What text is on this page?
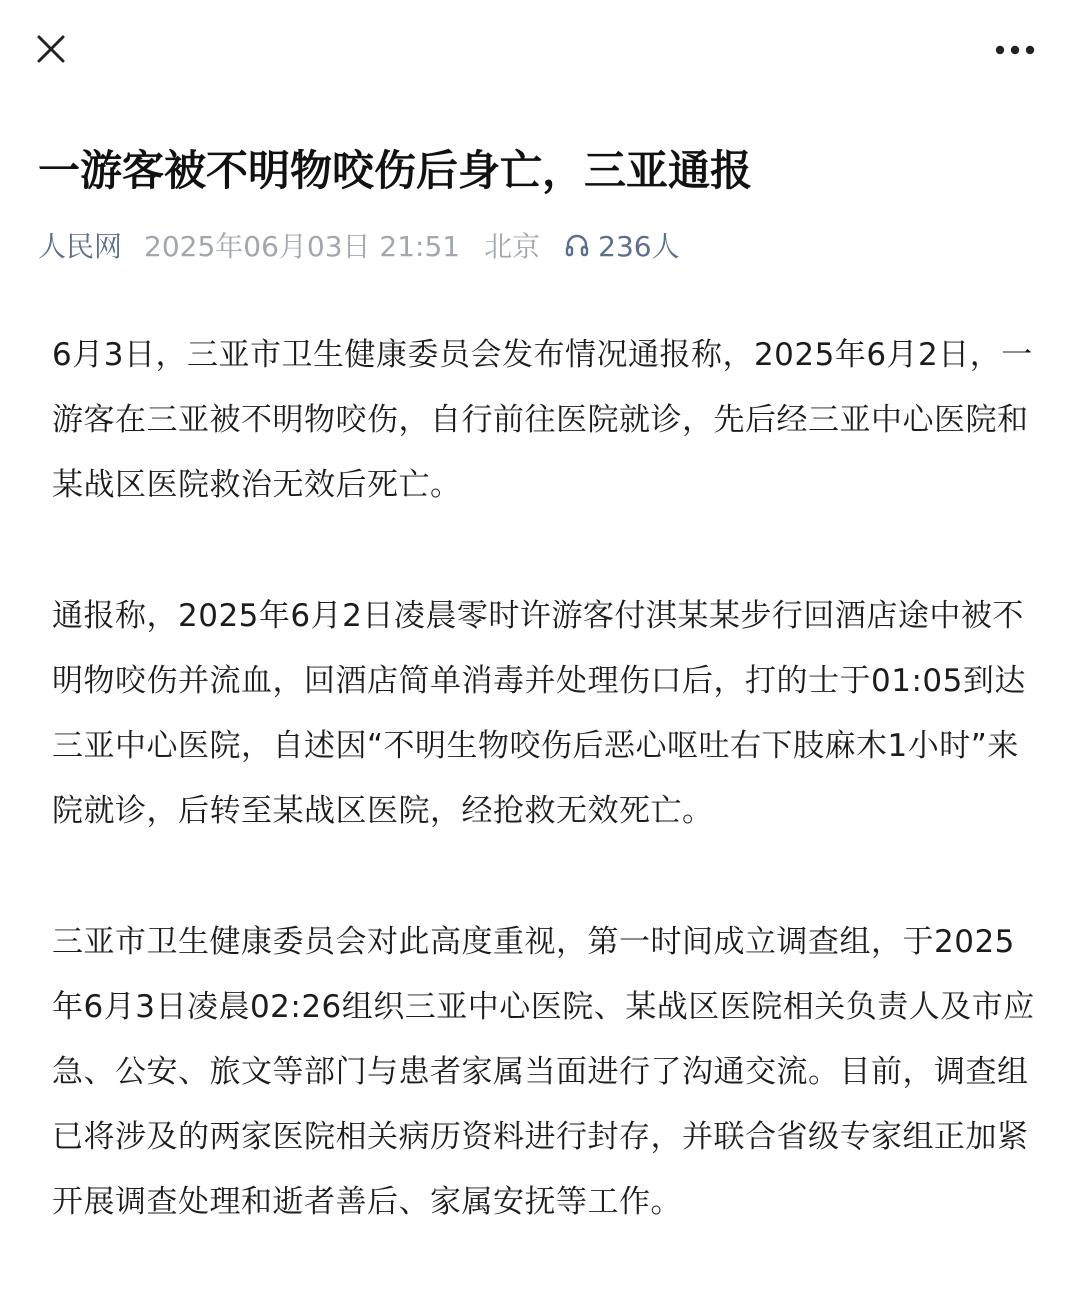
一游客被不明物咬伤后身亡，三亚通报
人民网 2025年06月03日 21:51 北京 236人

6月3日，三亚市卫生健康委员会发布情况通报称，2025年6月2日，一游客在三亚被不明物咬伤，自行前往医院就诊，先后经三亚中心医院和某战区医院救治无效后死亡。

通报称，2025年6月2日凌晨零时许游客付淇某某步行回酒店途中被不明物咬伤并流血，回酒店简单消毒并处理伤口后，打的士于01:05到达三亚中心医院，自述因“不明生物咬伤后恶心呕吐右下肢麻木1小时”来院就诊，后转至某战区医院，经抢救无效死亡。

三亚市卫生健康委员会对此高度重视，第一时间成立调查组，于2025年6月3日凌晨02:26组织三亚中心医院、某战区医院相关负责人及市应急、公安、旅文等部门与患者家属当面进行了沟通交流。目前，调查组已将涉及的两家医院相关病历资料进行封存，并联合省级专家组正加紧开展调查处理和逝者善后、家属安抚等工作。
